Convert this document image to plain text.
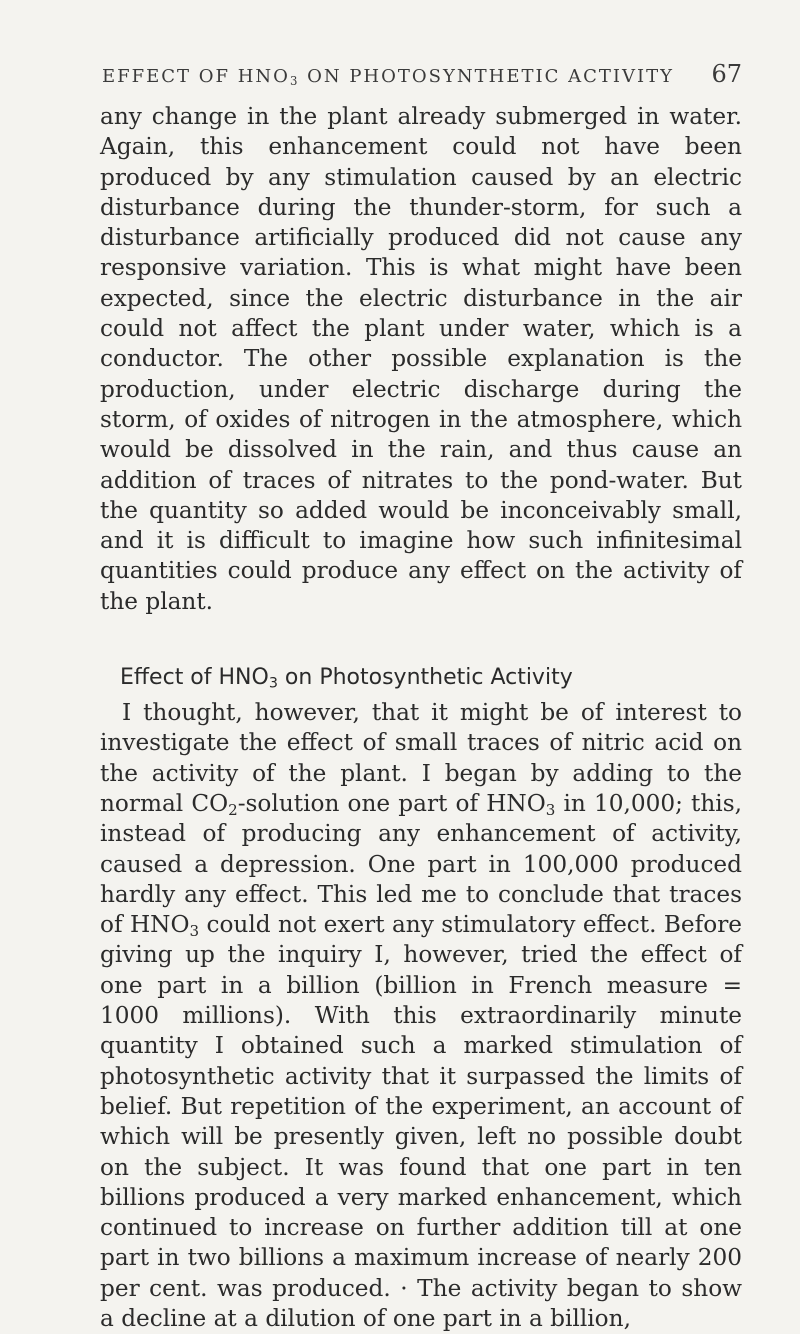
EFFECT OF $HNO_3$ ON PHOTOSYNTHETIC ACTIVITY 67

any change in the plant already submerged in water. Again, this enhancement could not have been produced by any stimulation caused by an electric disturbance during the thunder-storm, for such a disturbance artificially produced did not cause any responsive variation. This is what might have been expected, since the electric disturbance in the air could not affect the plant under water, which is a conductor. The other possible explanation is the production, under electric discharge during the storm, of oxides of nitrogen in the atmosphere, which would be dissolved in the rain, and thus cause an addition of traces of nitrates to the pond-water. But the quantity so added would be inconceivably small, and it is difficult to imagine how such infinitesimal quantities could produce any effect on the activity of the plant.

Effect of $HNO_3$ on Photosynthetic Activity

I thought, however, that it might be of interest to investigate the effect of small traces of nitric acid on the activity of the plant. I began by adding to the normal $CO_2$-solution one part of $HNO_3$ in 10,000; this, instead of producing any enhancement of activity, caused a depression. One part in 100,000 produced hardly any effect. This led me to conclude that traces of $HNO_3$ could not exert any stimulatory effect. Before giving up the inquiry I, however, tried the effect of one part in a billion (billion in French measure = 1000 millions). With this extraordinarily minute quantity I obtained such a marked stimulation of photosynthetic activity that it surpassed the limits of belief. But repetition of the experiment, an account of which will be presently given, left no possible doubt on the subject. It was found that one part in ten billions produced a very marked enhancement, which continued to increase on further addition till at one part in two billions a maximum increase of nearly 200 per cent. was produced. · The activity began to show a decline at a dilution of one part in a billion,
